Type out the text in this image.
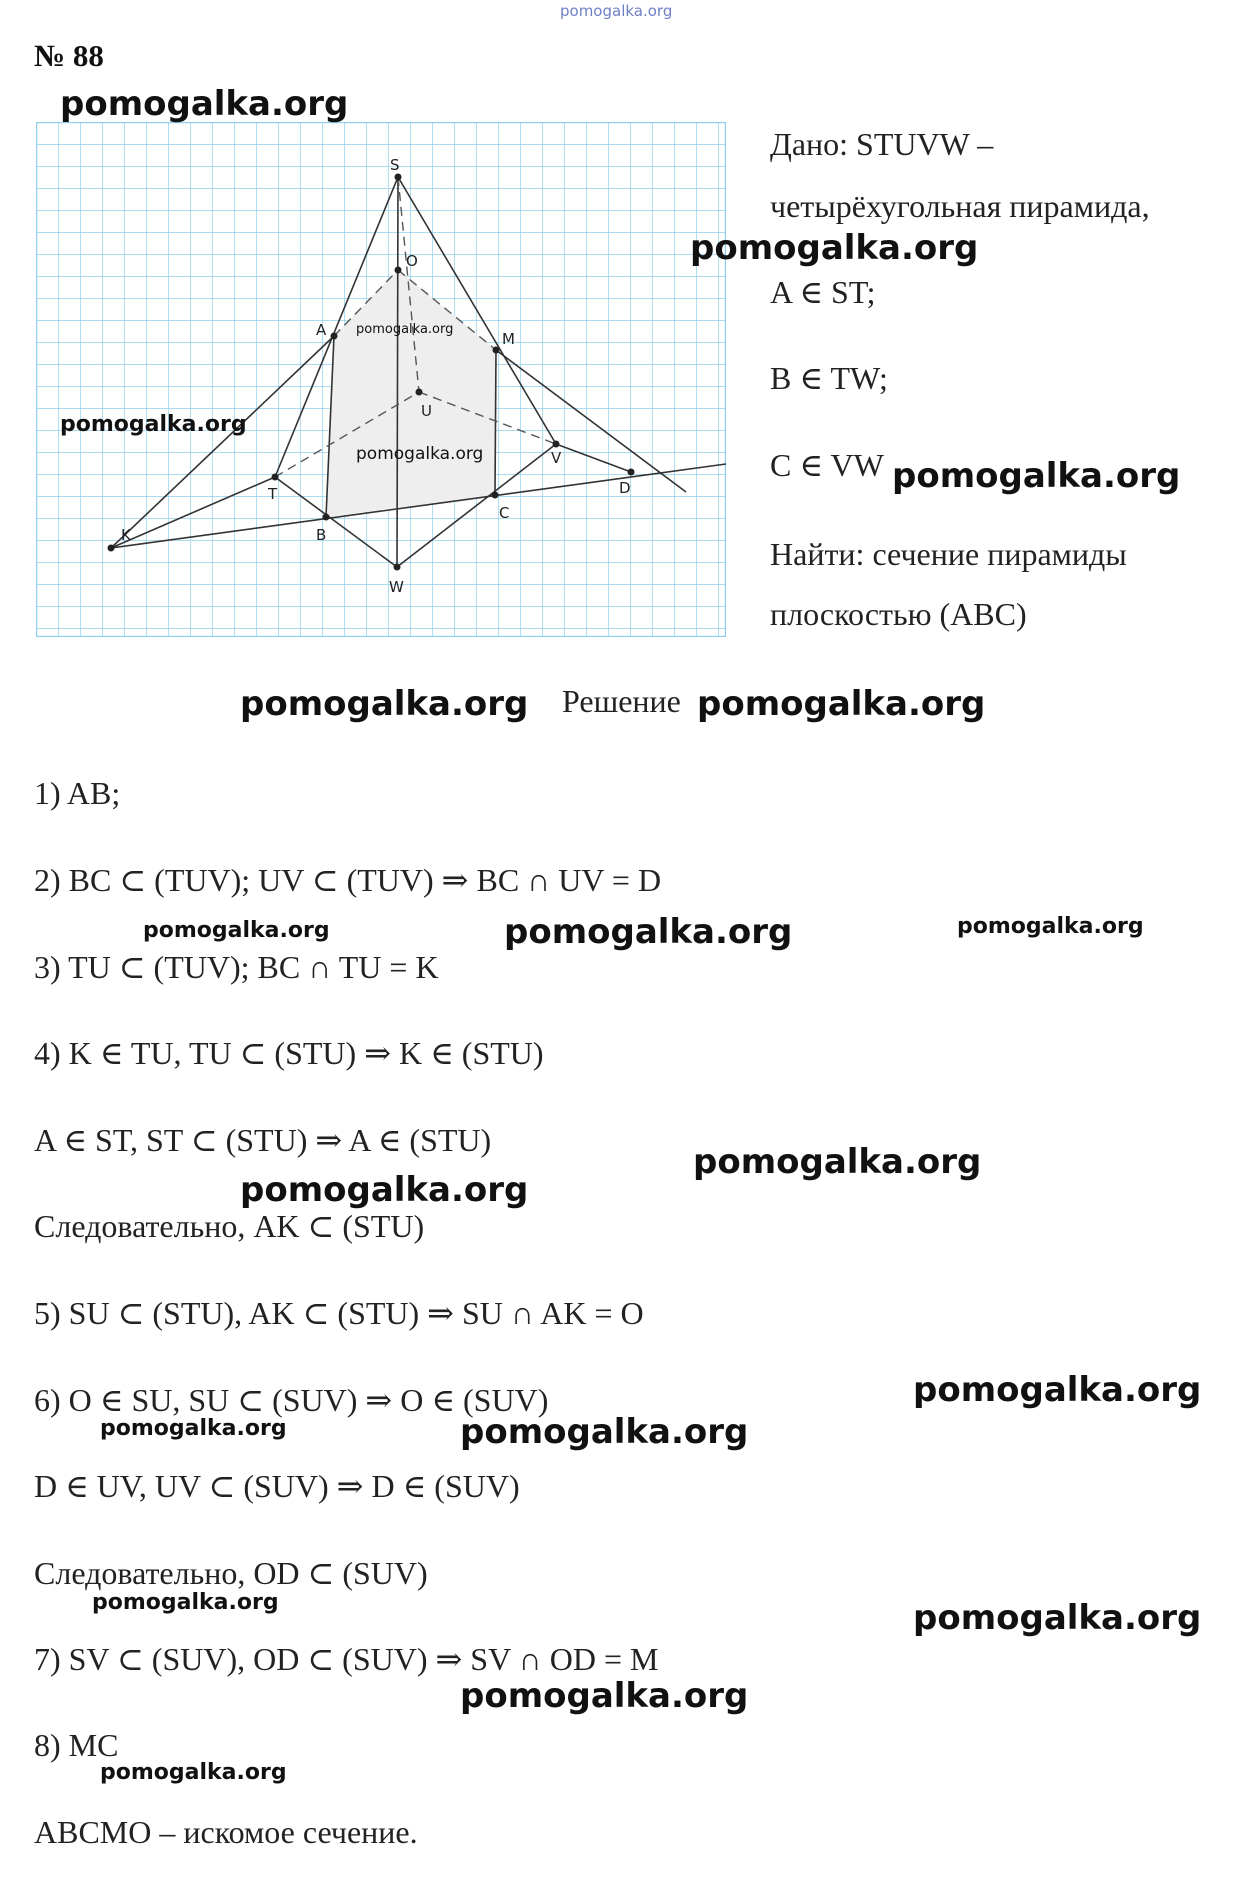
pomogalka.org
№ 88
S
O
A	M
U
V
T	D
K	B
C
W
pomogalka.org
pomogalka.org
pomogalka.org
pomogalka.org
Дано: STUVW –
четырёхугольная пирамида,
pomogalka.org
A ∈ ST;
B ∈ TW;
C ∈ VW pomogalka.org
Найти: сечение пирамиды
плоскостью (ABC)
pomogalka.org Решение pomogalka.org
1) AB;
2) BC ⊂ (TUV); UV ⊂ (TUV) ⇒ BC ∩ UV = D
pomogalka.org	pomogalka.org	pomogalka.org
3) TU ⊂ (TUV); BC ∩ TU = K
4) K ∈ TU, TU ⊂ (STU) ⇒ K ∈ (STU)
A ∈ ST, ST ⊂ (STU) ⇒ A ∈ (STU)
pomogalka.org
pomogalka.org
Следовательно, AK ⊂ (STU)
5) SU ⊂ (STU), AK ⊂ (STU) ⇒ SU ∩ AK = O
6) O ∈ SU, SU ⊂ (SUV) ⇒ O ∈ (SUV)	pomogalka.org
pomogalka.org	pomogalka.org
D ∈ UV, UV ⊂ (SUV) ⇒ D ∈ (SUV)
Следовательно, OD ⊂ (SUV)
pomogalka.org	pomogalka.org
7) SV ⊂ (SUV), OD ⊂ (SUV) ⇒ SV ∩ OD = M
pomogalka.org
8) MC
pomogalka.org
ABCMO – искомое сечение.
